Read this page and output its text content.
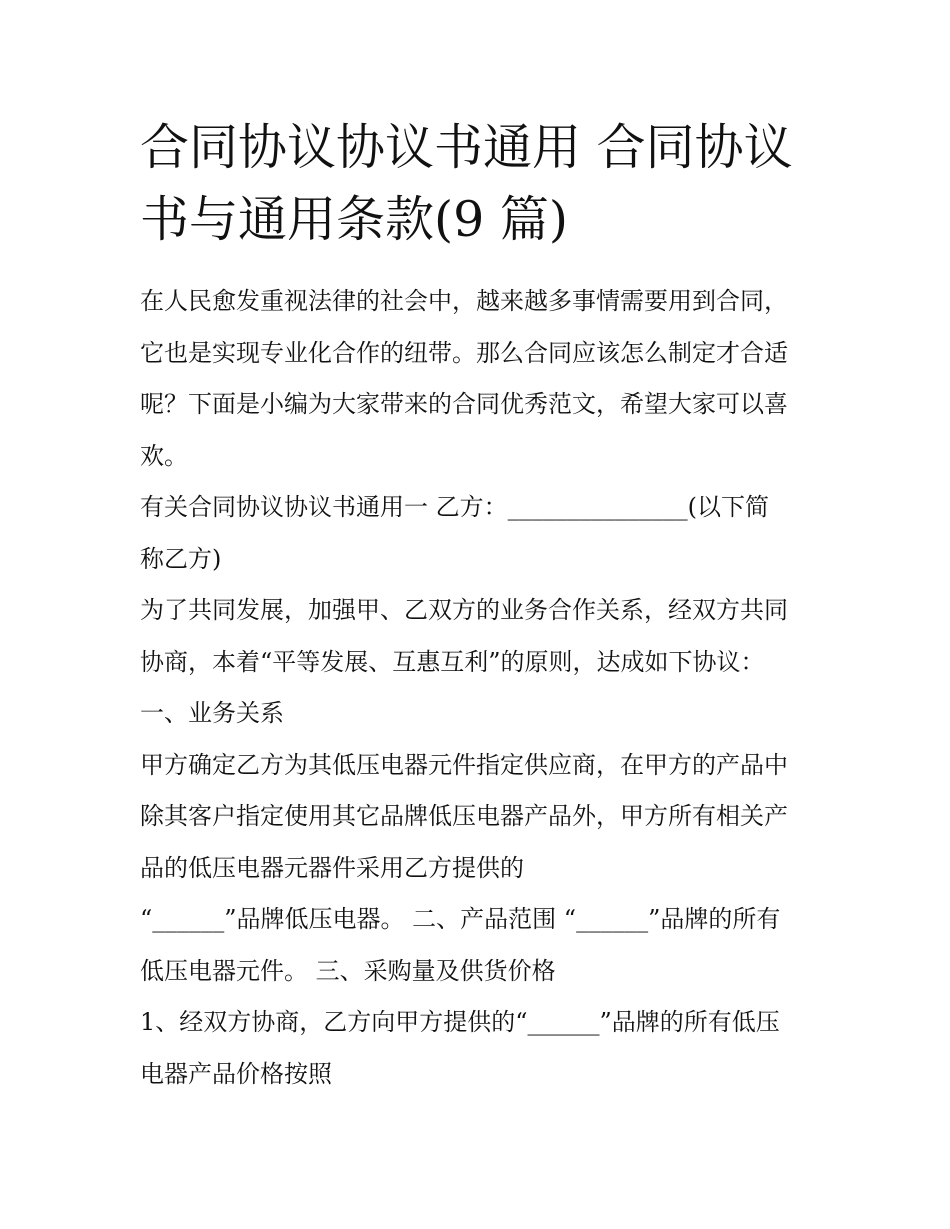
合同协议协议书通用 合同协议
书与通用条款(9 篇)
在人民愈发重视法律的社会中，越来越多事情需要用到合同，
它也是实现专业化合作的纽带。那么合同应该怎么制定才合适
呢？下面是小编为大家带来的合同优秀范文，希望大家可以喜
欢。
有关合同协议协议书通用一 乙方：_______________(以下简
称乙方)
为了共同发展，加强甲、乙双方的业务合作关系，经双方共同
协商，本着“平等发展、互惠互利”的原则，达成如下协议：
一、业务关系
甲方确定乙方为其低压电器元件指定供应商，在甲方的产品中
除其客户指定使用其它品牌低压电器产品外，甲方所有相关产
品的低压电器元器件采用乙方提供的
“______”品牌低压电器。 二、产品范围 “______”品牌的所有
低压电器元件。 三、采购量及供货价格
1、经双方协商，乙方向甲方提供的“______”品牌的所有低压
电器产品价格按照
